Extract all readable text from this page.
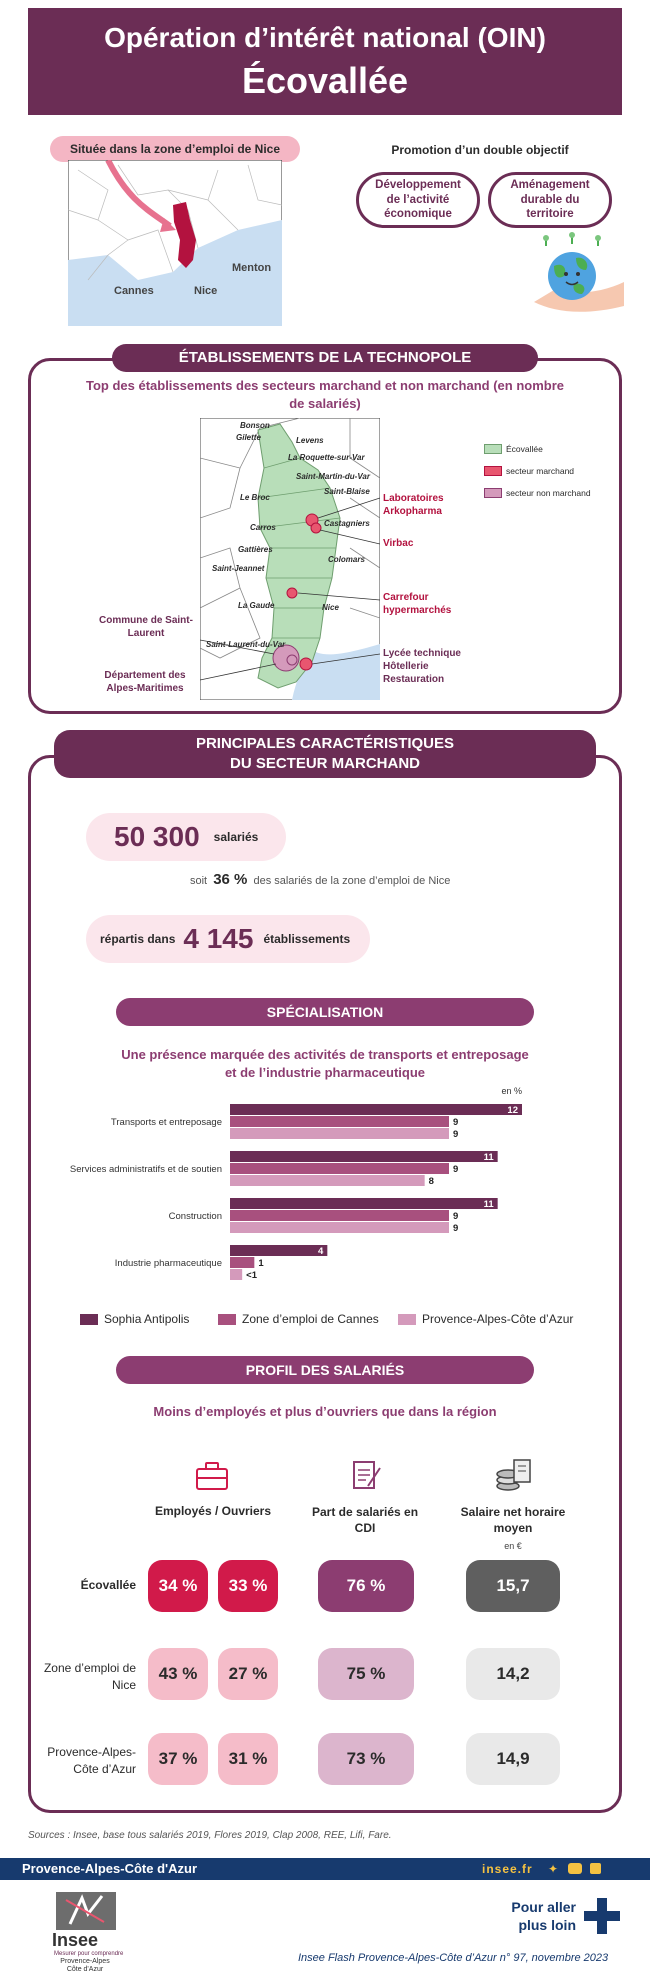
Opération d’intérêt national (OIN)
Écovallée
Située dans la zone d’emploi de Nice
Menton
Cannes	Nice
Promotion d’un double objectif
Développement de l’activité économique
Aménagement durable du territoire
ÉTABLISSEMENTS DE LA TECHNOPOLE
Top des établissements des secteurs marchand et non marchand (en nombre de salariés)
Bonson
Gilette	Levens
La Roquette-sur-Var
Saint-Martin-du-Var
Saint-Blaise
Le Broc
Castagniers
Carros
Gattières
Colomars
Saint-Jeannet
La Gaude	Nice
Saint-Laurent-du-Var
Écovallée
secteur marchand
secteur non marchand
Laboratoires Arkopharma
Virbac
Carrefour hypermarchés
Lycée technique Hôtellerie Restauration
Commune de Saint-Laurent
Département des Alpes-Maritimes
PRINCIPALES CARACTÉRISTIQUES
DU SECTEUR MARCHAND
50 300 salariés
soit 36 % des salariés de la zone d’emploi de Nice
répartis dans 4 145 établissements
SPÉCIALISATION
Une présence marquée des activités de transports et entreposage
et de l’industrie pharmaceutique
en %
Transports et entreposage
12
9
9
Services administratifs et de soutien
11
9
8
Construction
11
9
9
Industrie pharmaceutique
4
1
<1
Sophia Antipolis	Zone d’emploi de Cannes	Provence-Alpes-Côte d’Azur
PROFIL DES SALARIÉS
Moins d’employés et plus d’ouvriers que dans la région
Employés / Ouvriers	Part de salariés en CDI
Salaire net horaire moyen
en €
Écovallée	34 %	33 %	76 %	15,7
Zone d’emploi de Nice
43 %	27 %	75 %	14,2
Provence-Alpes-Côte d’Azur
37 %	31 %	73 %	14,9
Sources : Insee, base tous salariés 2019, Flores 2019, Clap 2008, REE, Lifi, Fare.
Provence-Alpes-Côte d'Azur	insee.fr ✦
Insee
Mesurer pour comprendre
Provence-Alpes Côte d'Azur
Pour aller
plus loin
Insee Flash Provence-Alpes-Côte d’Azur n° 97, novembre 2023
